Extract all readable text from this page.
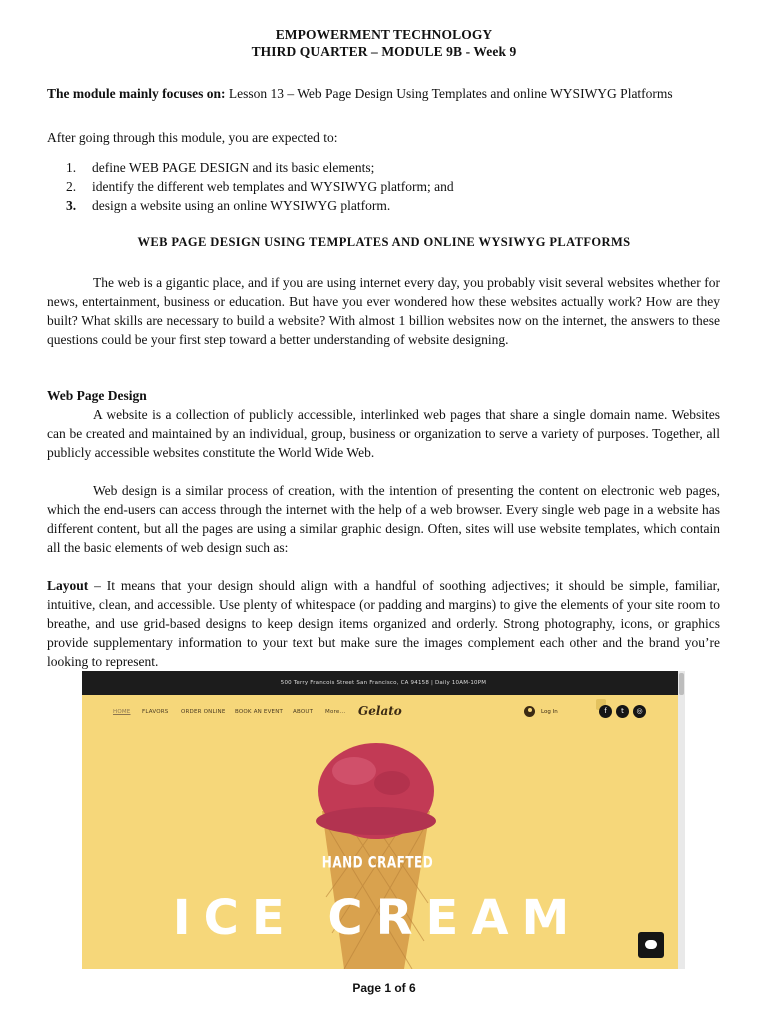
EMPOWERMENT TECHNOLOGY
THIRD QUARTER – MODULE 9B - Week 9
The module mainly focuses on: Lesson 13 – Web Page Design Using Templates and online WYSIWYG Platforms
After going through this module, you are expected to:
1. define WEB PAGE DESIGN and its basic elements;
2. identify the different web templates and WYSIWYG platform; and
3. design a website using an online WYSIWYG platform.
WEB PAGE DESIGN USING TEMPLATES AND ONLINE WYSIWYG PLATFORMS
The web is a gigantic place, and if you are using internet every day, you probably visit several websites whether for news, entertainment, business or education. But have you ever wondered how these websites actually work? How are they built? What skills are necessary to build a website? With almost 1 billion websites now on the internet, the answers to these questions could be your first step toward a better understanding of website designing.
Web Page Design
A website is a collection of publicly accessible, interlinked web pages that share a single domain name. Websites can be created and maintained by an individual, group, business or organization to serve a variety of purposes. Together, all publicly accessible websites constitute the World Wide Web.
Web design is a similar process of creation, with the intention of presenting the content on electronic web pages, which the end-users can access through the internet with the help of a web browser. Every single web page in a website has different content, but all the pages are using a similar graphic design. Often, sites will use website templates, which contain all the basic elements of web design such as:
Layout – It means that your design should align with a handful of soothing adjectives; it should be simple, familiar, intuitive, clean, and accessible. Use plenty of whitespace (or padding and margins) to give the elements of your site room to breathe, and use grid-based designs to keep design items organized and orderly. Strong photography, icons, or graphics provide supplementary information to your text but make sure the images complement each other and the brand you’re looking to represent.
500 Terry Francois Street San Francisco, CA 94158 | Daily 10AM-10PM
HOME FLAVORS ORDER ONLINE BOOK AN EVENT ABOUT More... Gelato	Log In	f	t	◎
HAND CRAFTED
ICE CREAM
Page 1 of 6
